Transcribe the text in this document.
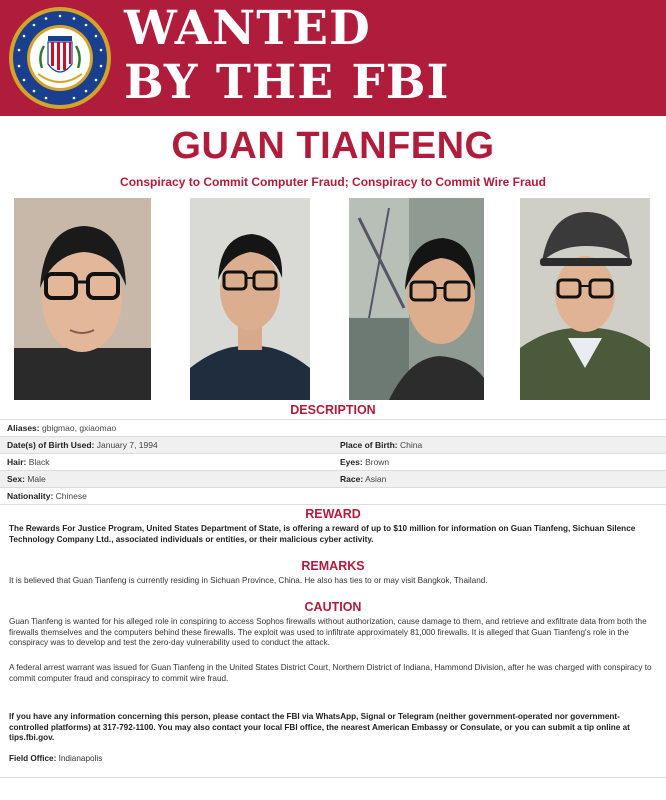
WANTED
BY THE FBI
GUAN TIANFENG
Conspiracy to Commit Computer Fraud; Conspiracy to Commit Wire Fraud
DESCRIPTION
Aliases: gbigmao, gxiaomao
Date(s) of Birth Used: January 7, 1994	Place of Birth: China
Hair: Black	Eyes: Brown
Sex: Male	Race: Asian
Nationality: Chinese
REWARD
The Rewards For Justice Program, United States Department of State, is offering a reward of up to $10 million for information on Guan Tianfeng, Sichuan Silence Technology Company Ltd., associated individuals or entities, or their malicious cyber activity.
REMARKS
It is believed that Guan Tianfeng is currently residing in Sichuan Province, China. He also has ties to or may visit Bangkok, Thailand.
CAUTION
Guan Tianfeng is wanted for his alleged role in conspiring to access Sophos firewalls without authorization, cause damage to them, and retrieve and exfiltrate data from both the firewalls themselves and the computers behind these firewalls. The exploit was used to infiltrate approximately 81,000 firewalls. It is alleged that Guan Tianfeng's role in the conspiracy was to develop and test the zero-day vulnerability used to conduct the attack.
A federal arrest warrant was issued for Guan Tianfeng in the United States District Court, Northern District of Indiana, Hammond Division, after he was charged with conspiracy to commit computer fraud and conspiracy to commit wire fraud.
If you have any information concerning this person, please contact the FBI via WhatsApp, Signal or Telegram (neither government-operated nor government-controlled platforms) at 317-792-1100. You may also contact your local FBI office, the nearest American Embassy or Consulate, or you can submit a tip online at tips.fbi.gov.
Field Office: Indianapolis
